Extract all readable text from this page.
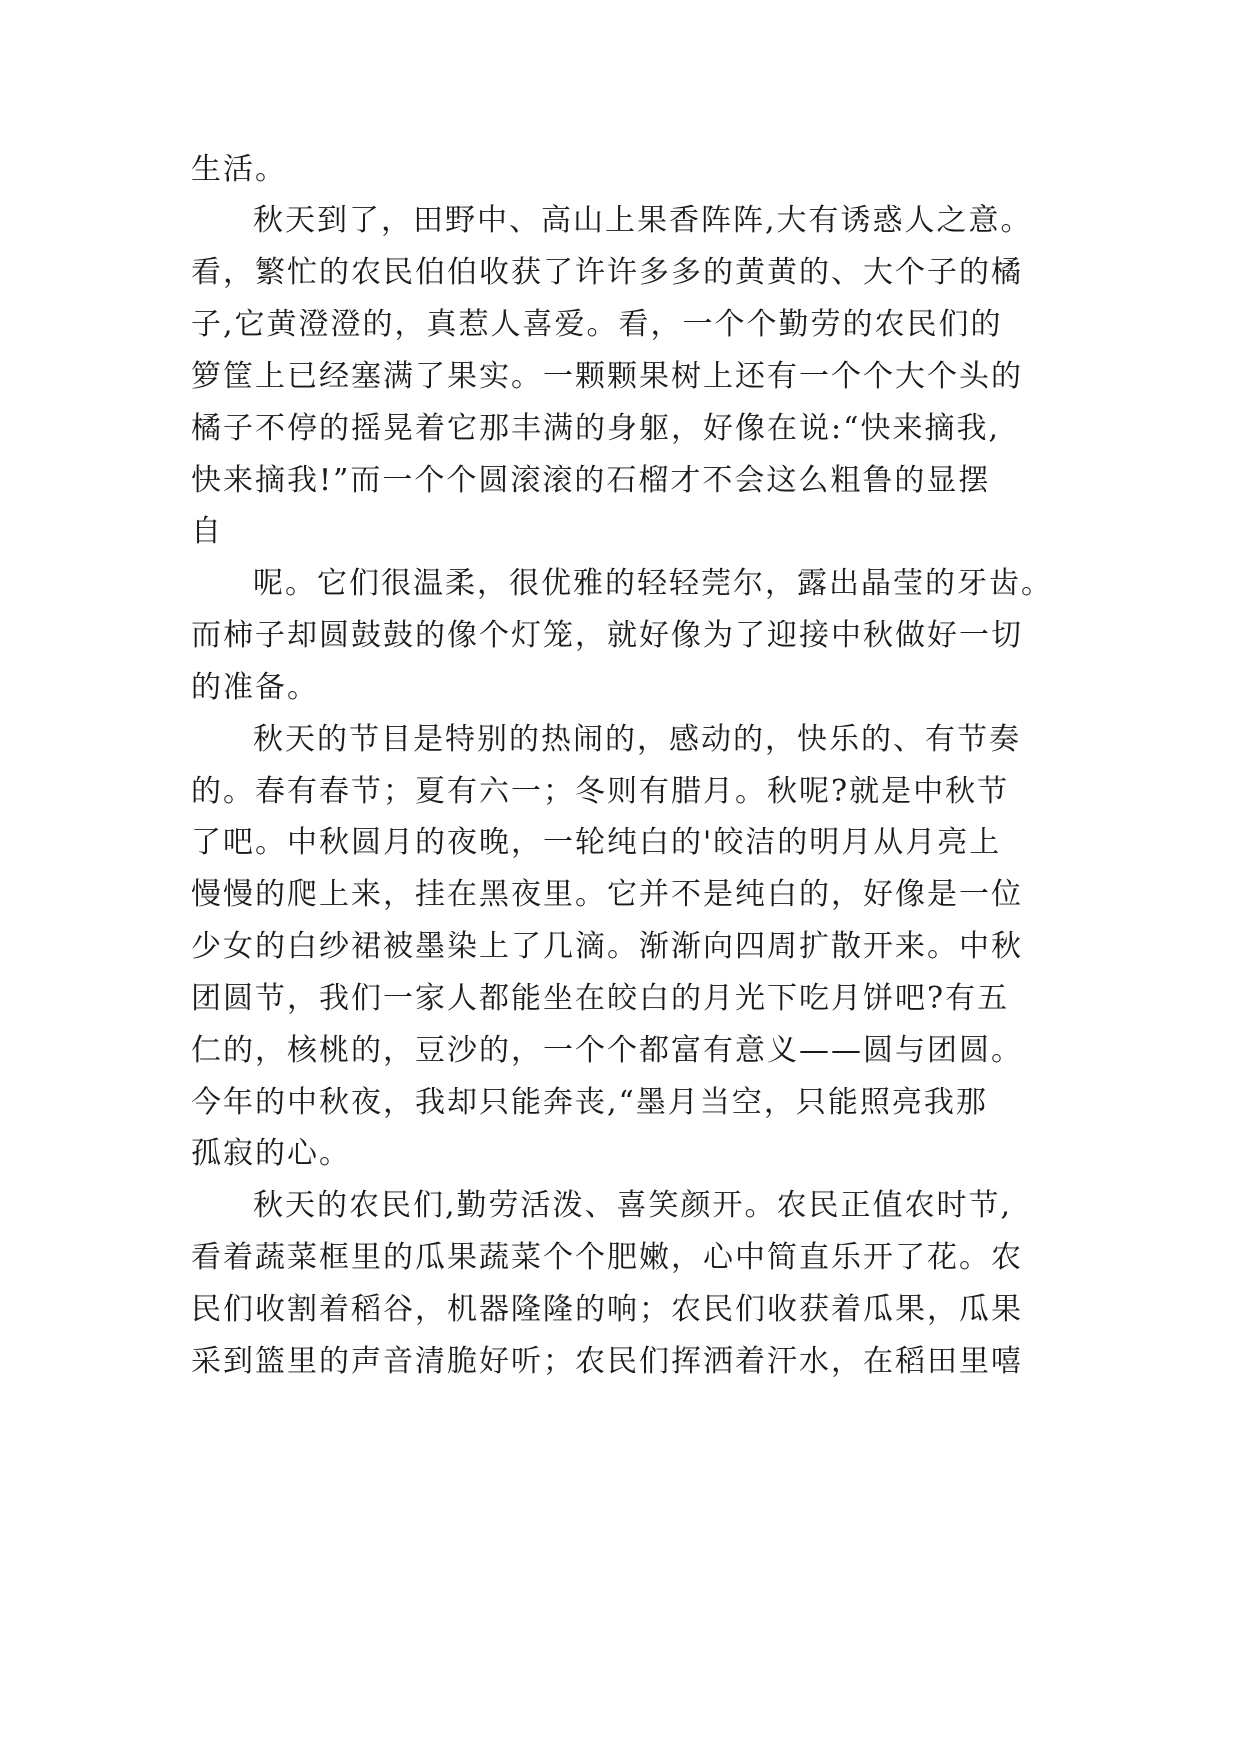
生活。
秋天到了，田野中、高山上果香阵阵,大有诱惑人之意。
看，繁忙的农民伯伯收获了许许多多的黄黄的、大个子的橘
子,它黄澄澄的，真惹人喜爱。看，一个个勤劳的农民们的
箩筐上已经塞满了果实。一颗颗果树上还有一个个大个头的
橘子不停的摇晃着它那丰满的身躯，好像在说:“快来摘我,
快来摘我!”而一个个圆滚滚的石榴才不会这么粗鲁的显摆
自
呢。它们很温柔，很优雅的轻轻莞尔，露出晶莹的牙齿。
而柿子却圆鼓鼓的像个灯笼，就好像为了迎接中秋做好一切
的准备。
秋天的节目是特别的热闹的，感动的，快乐的、有节奏
的。春有春节；夏有六一；冬则有腊月。秋呢?就是中秋节
了吧。中秋圆月的夜晚，一轮纯白的'皎洁的明月从月亮上
慢慢的爬上来，挂在黑夜里。它并不是纯白的，好像是一位
少女的白纱裙被墨染上了几滴。渐渐向四周扩散开来。中秋
团圆节，我们一家人都能坐在皎白的月光下吃月饼吧?有五
仁的，核桃的，豆沙的，一个个都富有意义——圆与团圆。
今年的中秋夜，我却只能奔丧,“墨月当空，只能照亮我那
孤寂的心。
秋天的农民们,勤劳活泼、喜笑颜开。农民正值农时节,
看着蔬菜框里的瓜果蔬菜个个肥嫩，心中简直乐开了花。农
民们收割着稻谷，机器隆隆的响；农民们收获着瓜果，瓜果
采到篮里的声音清脆好听；农民们挥洒着汗水，在稻田里嘻
